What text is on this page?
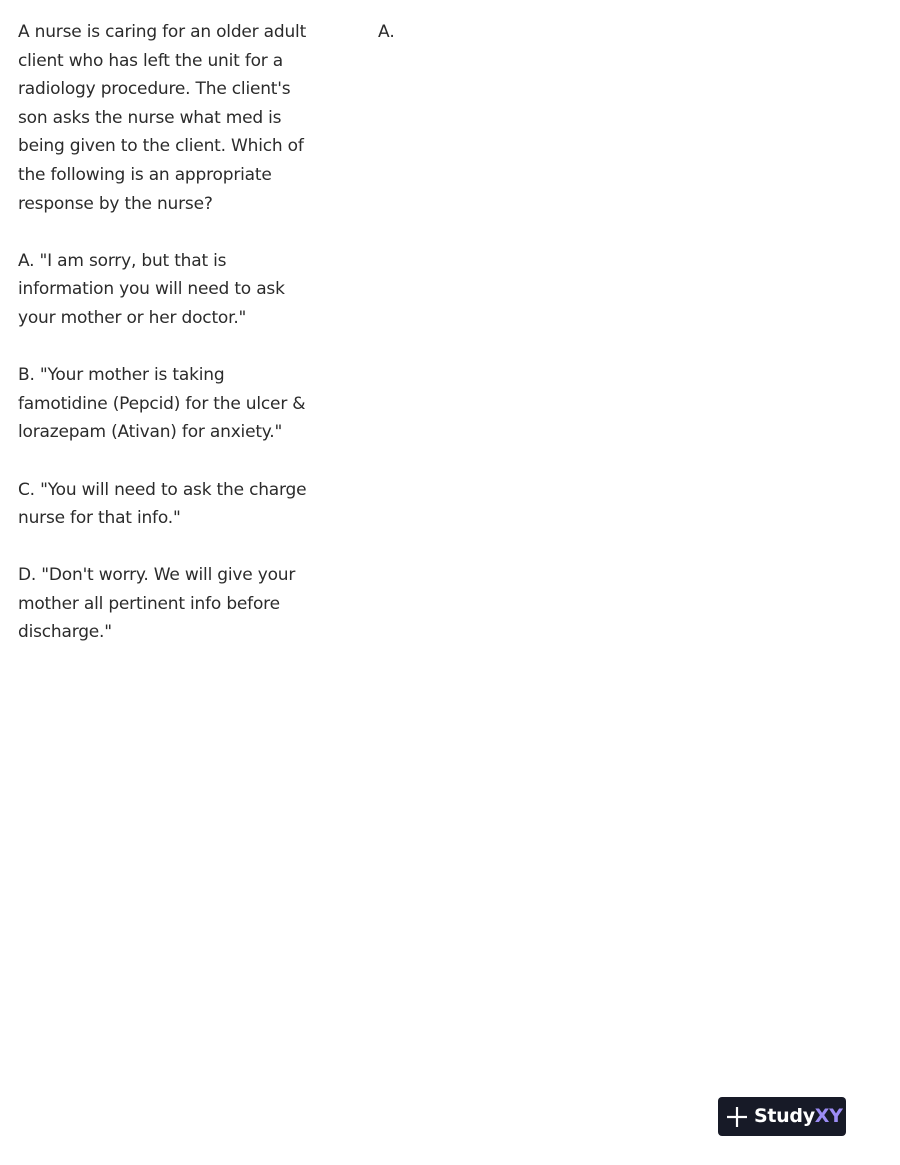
A nurse is caring for an older adult client who has left the unit for a radiology procedure. The client's son asks the nurse what med is being given to the client. Which of the following is an appropriate response by the nurse?

A. "I am sorry, but that is information you will need to ask your mother or her doctor."

B. "Your mother is taking famotidine (Pepcid) for the ulcer & lorazepam (Ativan) for anxiety."

C. "You will need to ask the charge nurse for that info."

D. "Don't worry. We will give your mother all pertinent info before discharge."

A.
StudyXY
